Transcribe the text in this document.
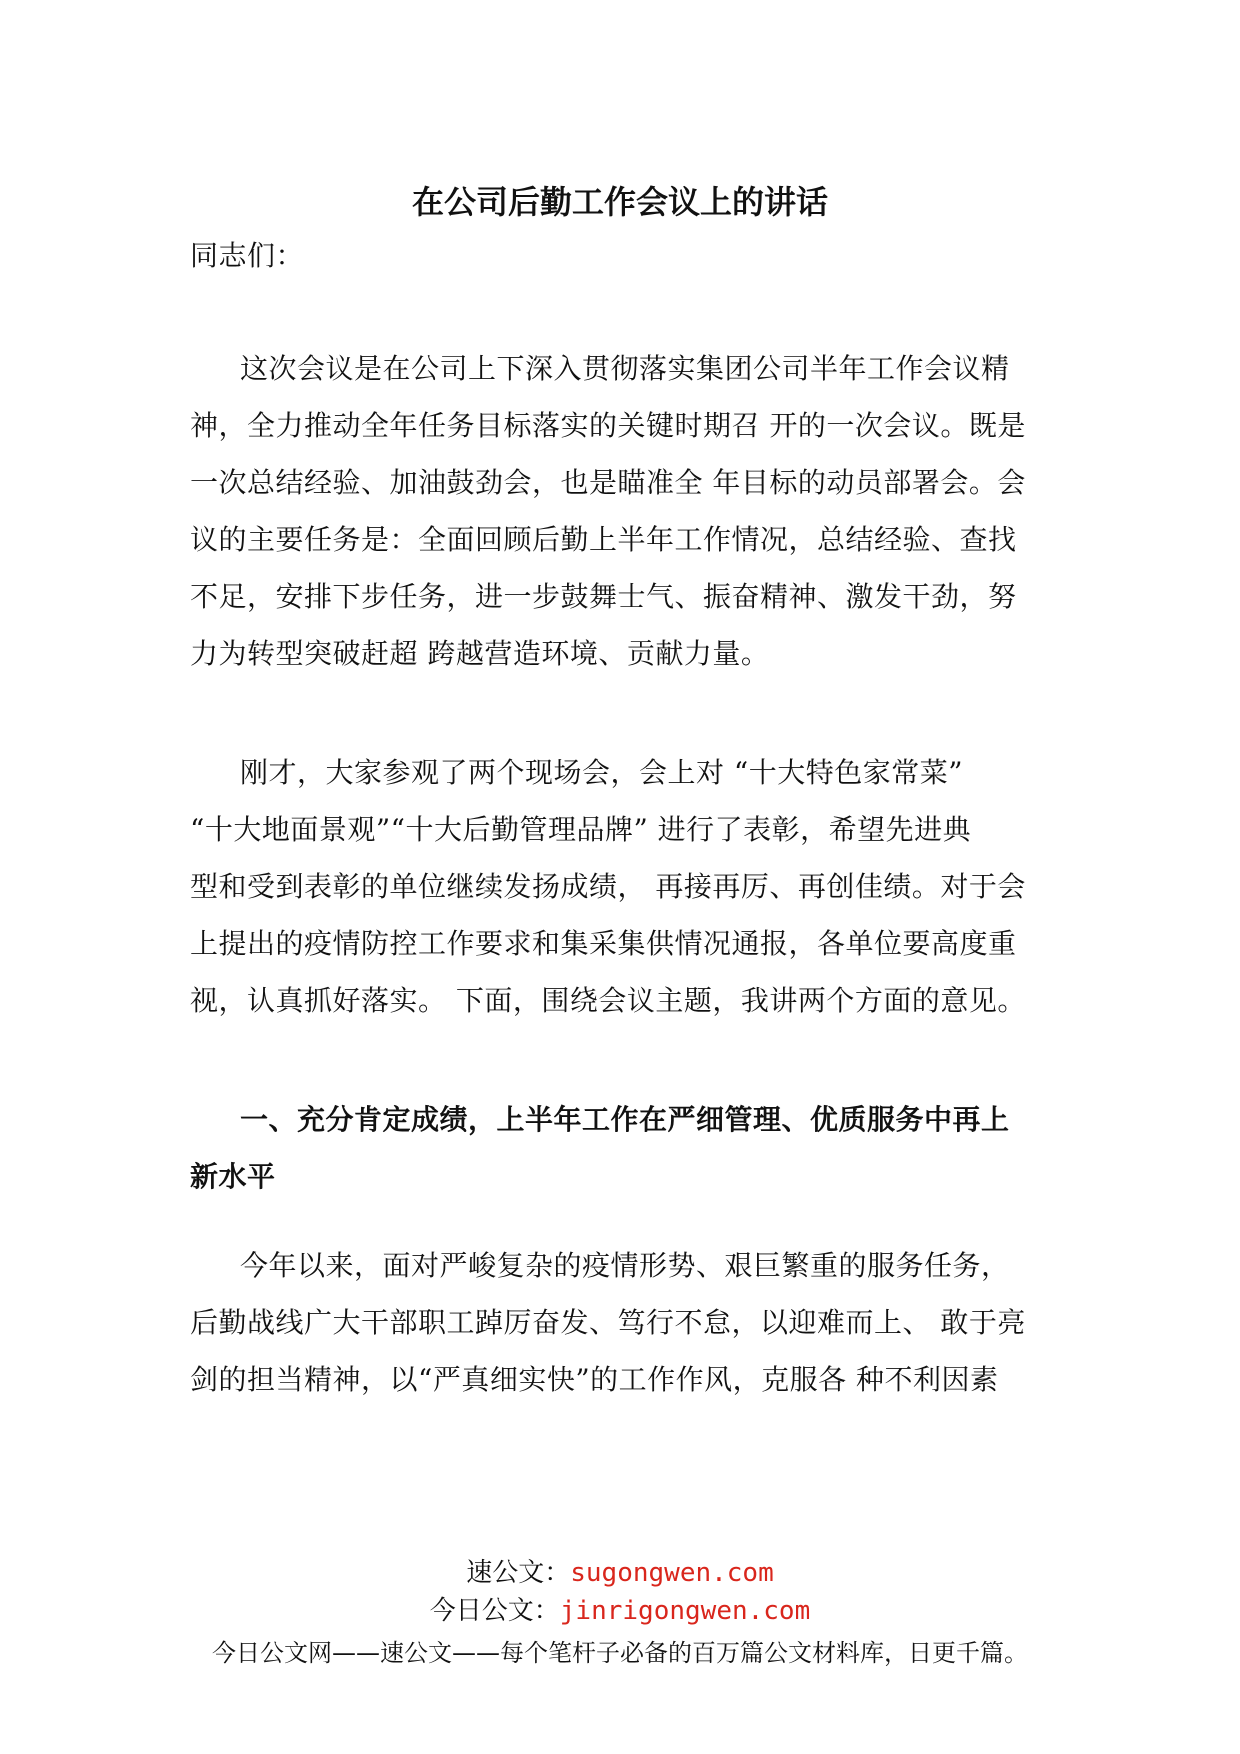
在公司后勤工作会议上的讲话
同志们：
这次会议是在公司上下深入贯彻落实集团公司半年工作会议精
神，全力推动全年任务目标落实的关键时期召 开的一次会议。既是
一次总结经验、加油鼓劲会，也是瞄准全 年目标的动员部署会。会
议的主要任务是：全面回顾后勤上半年工作情况，总结经验、查找
不足，安排下步任务，进一步鼓舞士气、振奋精神、激发干劲，努
力为转型突破赶超 跨越营造环境、贡献力量。
刚才，大家参观了两个现场会，会上对 “十大特色家常菜”
“十大地面景观”“十大后勤管理品牌” 进行了表彰，希望先进典
型和受到表彰的单位继续发扬成绩， 再接再厉、再创佳绩。对于会
上提出的疫情防控工作要求和集采集供情况通报，各单位要高度重
视，认真抓好落实。 下面，围绕会议主题，我讲两个方面的意见。
一、充分肯定成绩，上半年工作在严细管理、优质服务中再上
新水平
今年以来，面对严峻复杂的疫情形势、艰巨繁重的服务任务，
后勤战线广大干部职工踔厉奋发、笃行不怠，以迎难而上、 敢于亮
剑的担当精神，以“严真细实快”的工作作风，克服各 种不利因素
速公文：sugongwen.com
今日公文：jinrigongwen.com
今日公文网——速公文——每个笔杆子必备的百万篇公文材料库，日更千篇。
